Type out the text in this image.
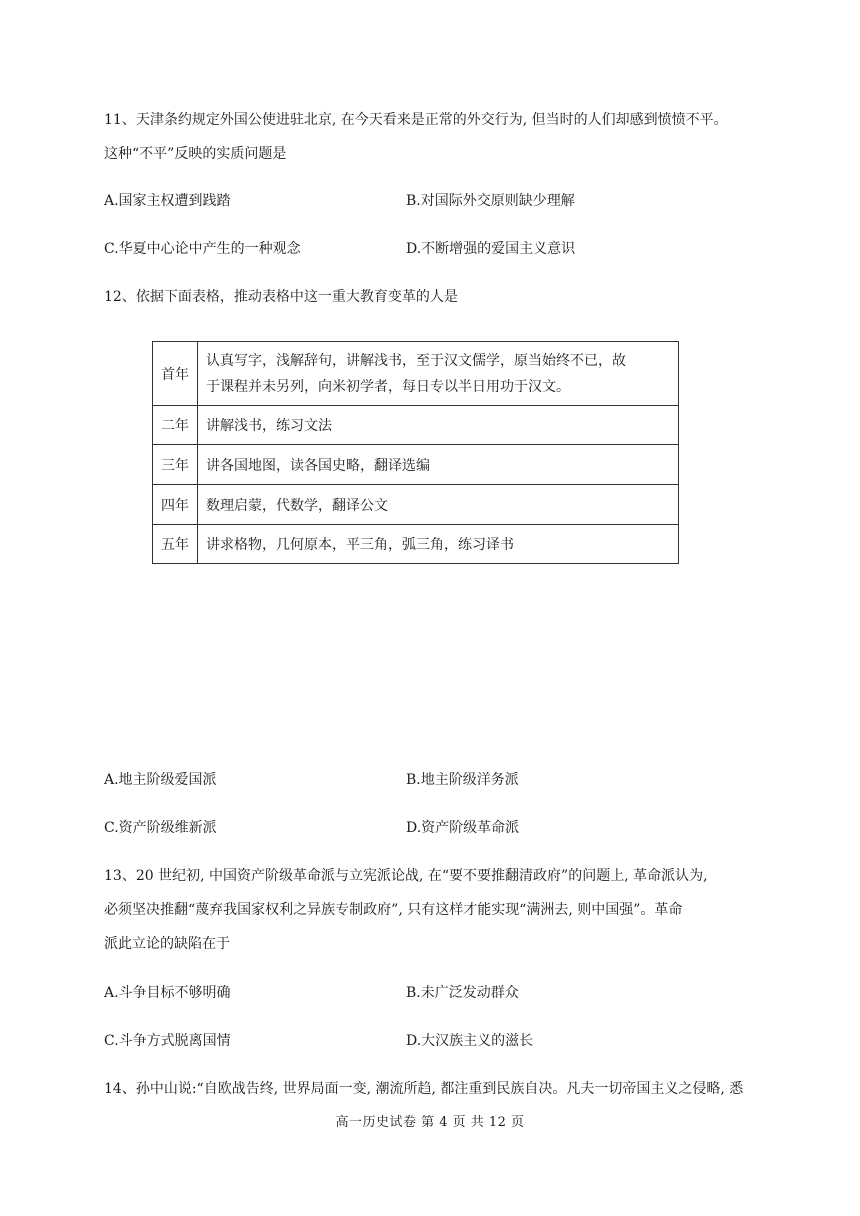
11、天津条约规定外国公使进驻北京, 在今天看来是正常的外交行为, 但当时的人们却感到愤愤不平。
这种“不平”反映的实质问题是
A.国家主权遭到践踏	B.对国际外交原则缺少理解
C.华夏中心论中产生的一种观念	D.不断增强的爱国主义意识
12、依据下面表格，推动表格中这一重大教育变革的人是
首年	认真写字，浅解辞句，讲解浅书，至于汉文儒学，原当始终不已，故
于课程并未另列，向米初学者，每日专以半日用功于汉文。

二年	讲解浅书，练习文法
三年	讲各国地图，读各国史略，翻译选编
四年	数理启蒙，代数学，翻译公文
五年	讲求格物，几何原本，平三角，弧三角，练习译书
A.地主阶级爱国派	B.地主阶级洋务派
C.资产阶级维新派	D.资产阶级革命派
13、20 世纪初, 中国资产阶级革命派与立宪派论战, 在“要不要推翻清政府”的问题上, 革命派认为,
必须坚决推翻“蔑弃我国家权利之异族专制政府”, 只有这样才能实现“满洲去, 则中国强”。革命
派此立论的缺陷在于
A.斗争目标不够明确	B.未广泛发动群众
C.斗争方式脱离国情	D.大汉族主义的滋长
14、孙中山说:“自欧战告终, 世界局面一变, 潮流所趋, 都注重到民族自决。凡夫一切帝国主义之侵略, 悉
高一历史试卷 第 4 页 共 12 页
